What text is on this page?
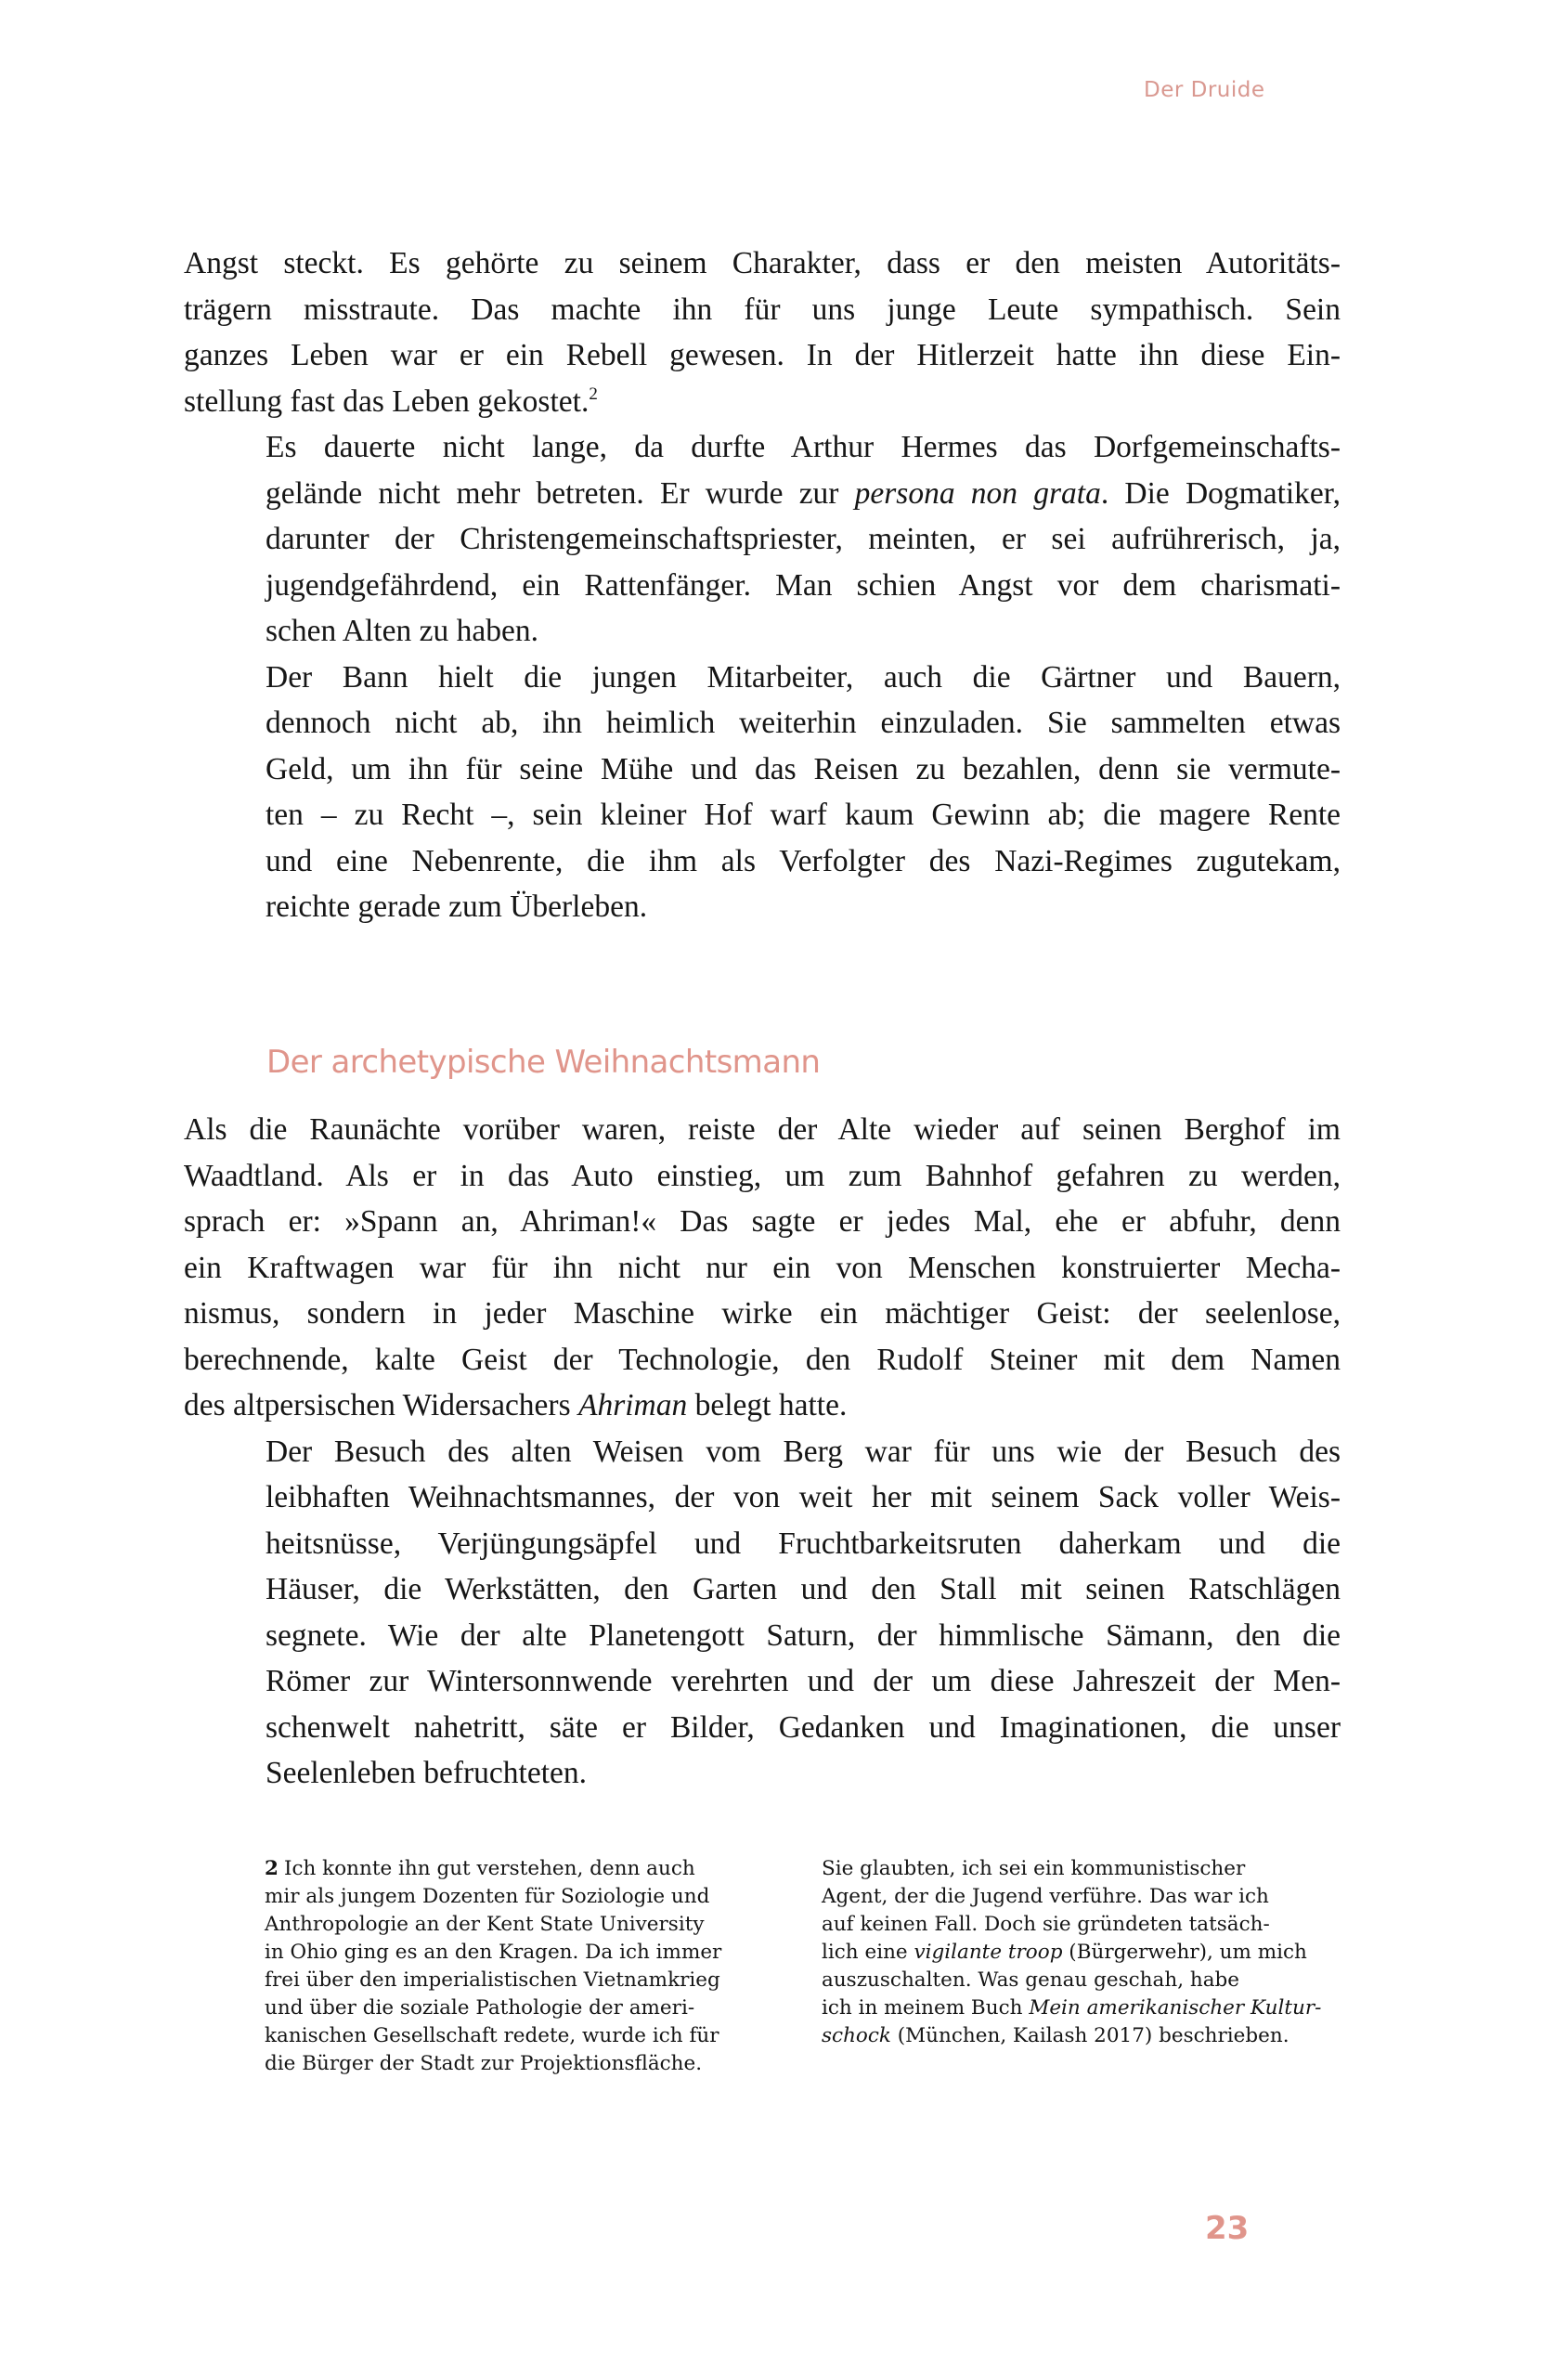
Der Druide

Angst steckt. Es gehörte zu seinem Charakter, dass er den meisten Autoritäts-
trägern misstraute. Das machte ihn für uns junge Leute sympathisch. Sein
ganzes Leben war er ein Rebell gewesen. In der Hitlerzeit hatte ihn diese Ein-
stellung fast das Leben gekostet.$^2$

Es dauerte nicht lange, da durfte Arthur Hermes das Dorfgemeinschafts-
gelände nicht mehr betreten. Er wurde zur persona non grata. Die Dogmatiker,
darunter der Christengemeinschaftspriester, meinten, er sei aufrührerisch, ja,
jugendgefährdend, ein Rattenfänger. Man schien Angst vor dem charismati-
schen Alten zu haben.

Der Bann hielt die jungen Mitarbeiter, auch die Gärtner und Bauern,
dennoch nicht ab, ihn heimlich weiterhin einzuladen. Sie sammelten etwas
Geld, um ihn für seine Mühe und das Reisen zu bezahlen, denn sie vermute-
ten – zu Recht –, sein kleiner Hof warf kaum Gewinn ab; die magere Rente
und eine Nebenrente, die ihm als Verfolgter des Nazi-Regimes zugutekam,
reichte gerade zum Überleben.

Der archetypische Weihnachtsmann

Als die Raunächte vorüber waren, reiste der Alte wieder auf seinen Berghof im
Waadtland. Als er in das Auto einstieg, um zum Bahnhof gefahren zu werden,
sprach er: »Spann an, Ahriman!« Das sagte er jedes Mal, ehe er abfuhr, denn
ein Kraftwagen war für ihn nicht nur ein von Menschen konstruierter Mecha-
nismus, sondern in jeder Maschine wirke ein mächtiger Geist: der seelenlose,
berechnende, kalte Geist der Technologie, den Rudolf Steiner mit dem Namen
des altpersischen Widersachers Ahriman belegt hatte.

Der Besuch des alten Weisen vom Berg war für uns wie der Besuch des
leibhaften Weihnachtsmannes, der von weit her mit seinem Sack voller Weis-
heitsnüsse, Verjüngungsäpfel und Fruchtbarkeitsruten daherkam und die
Häuser, die Werkstätten, den Garten und den Stall mit seinen Ratschlägen
segnete. Wie der alte Planetengott Saturn, der himmlische Sämann, den die
Römer zur Wintersonnwende verehrten und der um diese Jahreszeit der Men-
schenwelt nahetritt, säte er Bilder, Gedanken und Imaginationen, die unser
Seelenleben befruchteten.

2 Ich konnte ihn gut verstehen, denn auch
mir als jungem Dozenten für Soziologie und
Anthropologie an der Kent State University
in Ohio ging es an den Kragen. Da ich immer
frei über den imperialistischen Vietnamkrieg
und über die soziale Pathologie der ameri-
kanischen Gesellschaft redete, wurde ich für
die Bürger der Stadt zur Projektionsfläche.
Sie glaubten, ich sei ein kommunistischer
Agent, der die Jugend verführe. Das war ich
auf keinen Fall. Doch sie gründeten tatsäch-
lich eine vigilante troop (Bürgerwehr), um mich
auszuschalten. Was genau geschah, habe
ich in meinem Buch Mein amerikanischer Kultur-
schock (München, Kailash 2017) beschrieben.
23
